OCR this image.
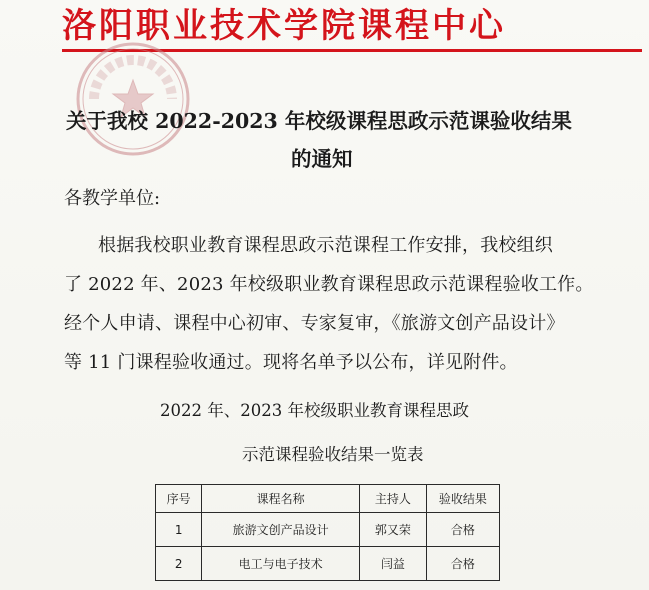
洛阳职业技术学院课程中心
关于我校 2022-2023 年校级课程思政示范课验收结果
的通知
各教学单位:
根据我校职业教育课程思政示范课程工作安排，我校组织
了 2022 年、2023 年校级职业教育课程思政示范课程验收工作。
经个人申请、课程中心初审、专家复审，《旅游文创产品设计》
等 11 门课程验收通过。现将名单予以公布，详见附件。
2022 年、2023 年校级职业教育课程思政
示范课程验收结果一览表
序号	课程名称	主持人	验收结果
1	旅游文创产品设计	郭又荣	合格
2	电工与电子技术	闫益	合格
